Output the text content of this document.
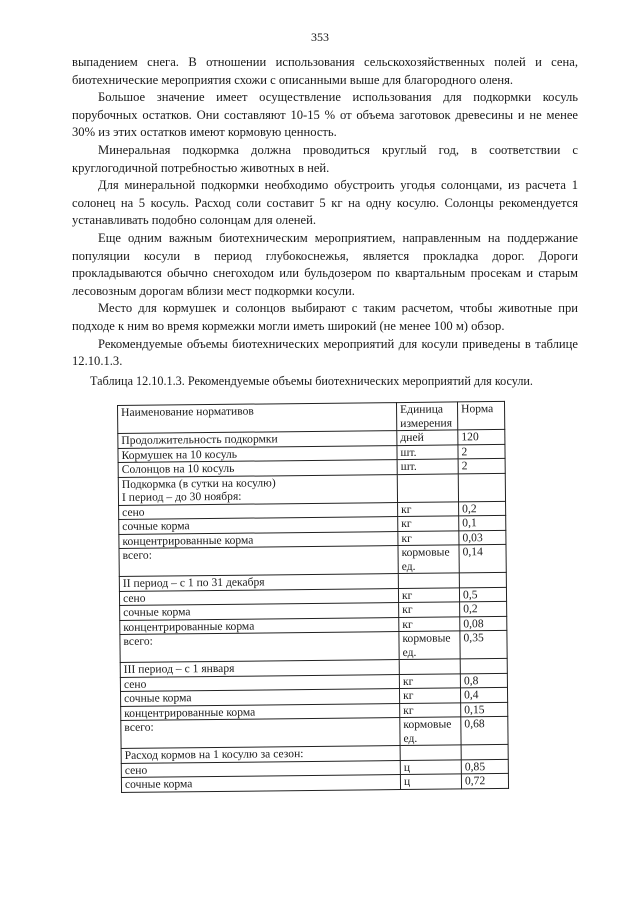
353

выпадением снега. В отношении использования сельскохозяйственных полей и сена, биотехнические мероприятия схожи с описанными выше для благородного оленя.

Большое значение имеет осуществление использования для подкормки косуль порубочных остатков. Они составляют 10-15 % от объема заготовок древесины и не менее 30% из этих остатков имеют кормовую ценность.

Минеральная подкормка должна проводиться круглый год, в соответствии с круглогодичной потребностью животных в ней.

Для минеральной подкормки необходимо обустроить угодья солонцами, из расчета 1 солонец на 5 косуль. Расход соли составит 5 кг на одну косулю. Солонцы рекомендуется устанавливать подобно солонцам для оленей.

Еще одним важным биотехническим мероприятием, направленным на поддержание популяции косули в период глубокоснежья, является прокладка дорог. Дороги прокладываются обычно снегоходом или бульдозером по квартальным просекам и старым лесовозным дорогам вблизи мест подкормки косули.

Место для кормушек и солонцов выбирают с таким расчетом, чтобы животные при подходе к ним во время кормежки могли иметь широкий (не менее 100 м) обзор.

Рекомендуемые объемы биотехнических мероприятий для косули приведены в таблице 12.10.1.3.

Таблица 12.10.1.3. Рекомендуемые объемы биотехнических мероприятий для косули.
Наименование нормативов	Единица измерения	Норма
Продолжительность подкормки	дней	120
Кормушек на 10 косуль	шт.	2
Солонцов на 10 косуль	шт.	2

Подкормка (в сутки на косулю)
I период – до 30 ноября:		

сено	кг	0,2
сочные корма	кг	0,1
концентрированные корма	кг	0,03
всего:	кормовые ед.	0,14
II период – с 1 по 31 декабря		
сено	кг	0,5
сочные корма	кг	0,2
концентрированные корма	кг	0,08
всего:	кормовые ед.	0,35
III период – с 1 января		
сено	кг	0,8
сочные корма	кг	0,4
концентрированные корма	кг	0,15
всего:	кормовые ед.	0,68
Расход кормов на 1 косулю за сезон:		
сено	ц	0,85
сочные корма	ц	0,72
